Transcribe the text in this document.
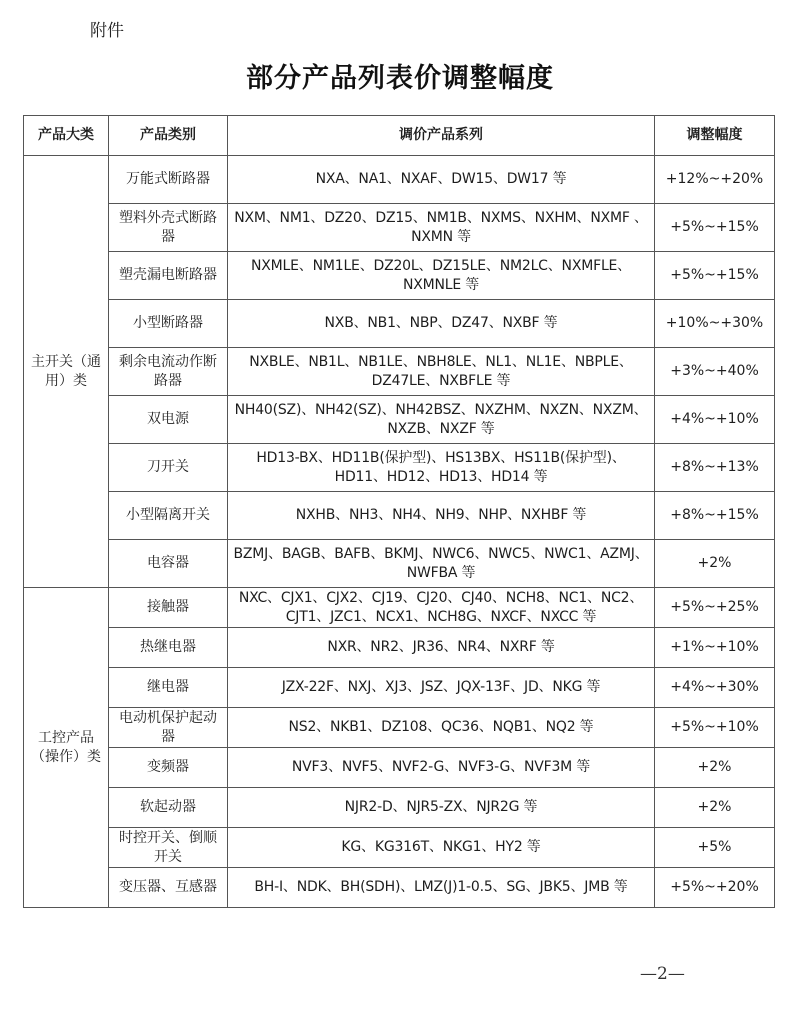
附件
部分产品列表价调整幅度
产品大类	产品类别	调价产品系列	调整幅度
主开关（通用）类	万能式断路器	NXA、NA1、NXAF、DW15、DW17 等	+12%~+20%
	塑料外壳式断路器	NXM、NM1、DZ20、DZ15、NM1B、NXMS、NXHM、NXMF 、NXMN 等	+5%~+15%
	塑壳漏电断路器	NXMLE、NM1LE、DZ20L、DZ15LE、NM2LC、NXMFLE、NXMNLE 等	+5%~+15%
	小型断路器	NXB、NB1、NBP、DZ47、NXBF 等	+10%~+30%
	剩余电流动作断路器	NXBLE、NB1L、NB1LE、NBH8LE、NL1、NL1E、NBPLE、DZ47LE、NXBFLE 等	+3%~+40%
	双电源	NH40(SZ)、NH42(SZ)、NH42BSZ、NXZHM、NXZN、NXZM、NXZB、NXZF 等	+4%~+10%
	刀开关	HD13-BX、HD11B(保护型)、HS13BX、HS11B(保护型)、HD11、HD12、HD13、HD14 等	+8%~+13%
	小型隔离开关	NXHB、NH3、NH4、NH9、NHP、NXHBF 等	+8%~+15%
	电容器	BZMJ、BAGB、BAFB、BKMJ、NWC6、NWC5、NWC1、AZMJ、NWFBA 等	+2%
工控产品（操作）类	接触器	NXC、CJX1、CJX2、CJ19、CJ20、CJ40、NCH8、NC1、NC2、CJT1、JZC1、NCX1、NCH8G、NXCF、NXCC 等	+5%~+25%
	热继电器	NXR、NR2、JR36、NR4、NXRF 等	+1%~+10%
	继电器	JZX-22F、NXJ、XJ3、JSZ、JQX-13F、JD、NKG 等	+4%~+30%
	电动机保护起动器	NS2、NKB1、DZ108、QC36、NQB1、NQ2 等	+5%~+10%
	变频器	NVF3、NVF5、NVF2-G、NVF3-G、NVF3M 等	+2%
	软起动器	NJR2-D、NJR5-ZX、NJR2G 等	+2%
	时控开关、倒顺开关	KG、KG316T、NKG1、HY2 等	+5%
	变压器、互感器	BH-Ⅰ、NDK、BH(SDH)、LMZ(J)1-0.5、SG、JBK5、JMB 等	+5%~+20%
—2—
